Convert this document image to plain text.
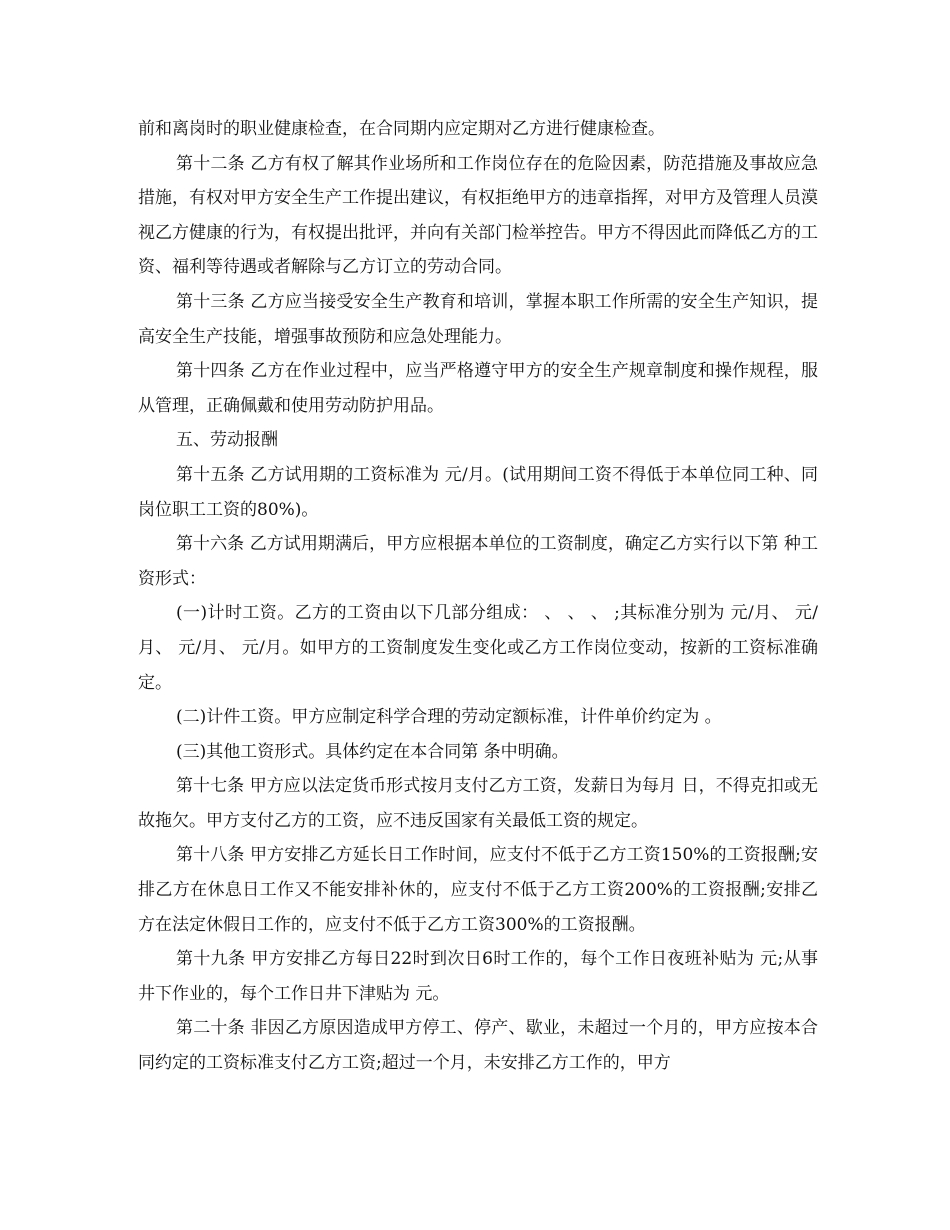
前和离岗时的职业健康检查，在合同期内应定期对乙方进行健康检查。

第十二条 乙方有权了解其作业场所和工作岗位存在的危险因素，防范措施及事故应急措施，有权对甲方安全生产工作提出建议，有权拒绝甲方的违章指挥，对甲方及管理人员漠视乙方健康的行为，有权提出批评，并向有关部门检举控告。甲方不得因此而降低乙方的工资、福利等待遇或者解除与乙方订立的劳动合同。

第十三条 乙方应当接受安全生产教育和培训，掌握本职工作所需的安全生产知识，提高安全生产技能，增强事故预防和应急处理能力。

第十四条 乙方在作业过程中，应当严格遵守甲方的安全生产规章制度和操作规程，服从管理，正确佩戴和使用劳动防护用品。

五、劳动报酬

第十五条 乙方试用期的工资标准为 元/月。(试用期间工资不得低于本单位同工种、同岗位职工工资的80%)。

第十六条 乙方试用期满后，甲方应根据本单位的工资制度，确定乙方实行以下第 种工资形式：

(一)计时工资。乙方的工资由以下几部分组成： 、 、 、 ;其标准分别为 元/月、 元/月、 元/月、 元/月。如甲方的工资制度发生变化或乙方工作岗位变动，按新的工资标准确定。

(二)计件工资。甲方应制定科学合理的劳动定额标准，计件单价约定为 。

(三)其他工资形式。具体约定在本合同第 条中明确。

第十七条 甲方应以法定货币形式按月支付乙方工资，发薪日为每月 日，不得克扣或无故拖欠。甲方支付乙方的工资，应不违反国家有关最低工资的规定。

第十八条 甲方安排乙方延长日工作时间，应支付不低于乙方工资150%的工资报酬;安排乙方在休息日工作又不能安排补休的，应支付不低于乙方工资200%的工资报酬;安排乙方在法定休假日工作的，应支付不低于乙方工资300%的工资报酬。

第十九条 甲方安排乙方每日22时到次日6时工作的，每个工作日夜班补贴为 元;从事井下作业的，每个工作日井下津贴为 元。

第二十条 非因乙方原因造成甲方停工、停产、歇业，未超过一个月的，甲方应按本合同约定的工资标准支付乙方工资;超过一个月，未安排乙方工作的，甲方
